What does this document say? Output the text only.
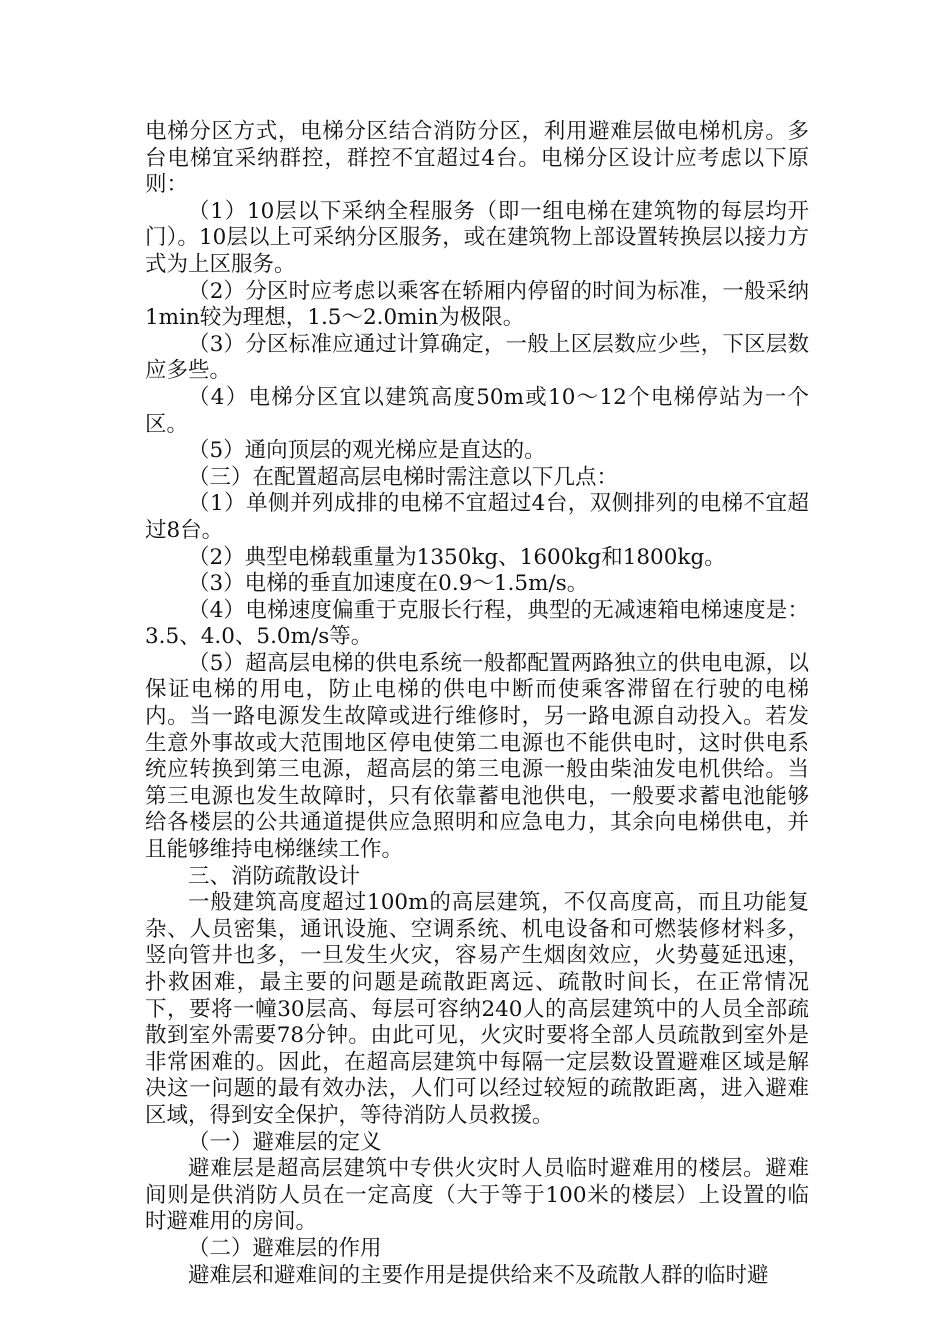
电梯分区方式，电梯分区结合消防分区，利用避难层做电梯机房。多台电梯宜采纳群控，群控不宜超过4台。电梯分区设计应考虑以下原则：

（1）10层以下采纳全程服务（即一组电梯在建筑物的每层均开门）。10层以上可采纳分区服务，或在建筑物上部设置转换层以接力方式为上区服务。

（2）分区时应考虑以乘客在轿厢内停留的时间为标准，一般采纳1min较为理想，1.5～2.0min为极限。

（3）分区标准应通过计算确定，一般上区层数应少些，下区层数应多些。

（4）电梯分区宜以建筑高度50m或10～12个电梯停站为一个区。

（5）通向顶层的观光梯应是直达的。

（三）在配置超高层电梯时需注意以下几点：

（1）单侧并列成排的电梯不宜超过4台，双侧排列的电梯不宜超过8台。

（2）典型电梯载重量为1350kg、1600kg和1800kg。

（3）电梯的垂直加速度在0.9～1.5m/s。

（4）电梯速度偏重于克服长行程，典型的无减速箱电梯速度是：3.5、4.0、5.0m/s等。

（5）超高层电梯的供电系统一般都配置两路独立的供电电源，以保证电梯的用电，防止电梯的供电中断而使乘客滞留在行驶的电梯内。当一路电源发生故障或进行维修时，另一路电源自动投入。若发生意外事故或大范围地区停电使第二电源也不能供电时，这时供电系统应转换到第三电源，超高层的第三电源一般由柴油发电机供给。当第三电源也发生故障时，只有依靠蓄电池供电，一般要求蓄电池能够给各楼层的公共通道提供应急照明和应急电力，其余向电梯供电，并且能够维持电梯继续工作。

三、消防疏散设计

一般建筑高度超过100m的高层建筑，不仅高度高，而且功能复杂、人员密集，通讯设施、空调系统、机电设备和可燃装修材料多，竖向管井也多，一旦发生火灾，容易产生烟囱效应，火势蔓延迅速，扑救困难，最主要的问题是疏散距离远、疏散时间长，在正常情况下，要将一幢30层高、每层可容纳240人的高层建筑中的人员全部疏散到室外需要78分钟。由此可见，火灾时要将全部人员疏散到室外是非常困难的。因此，在超高层建筑中每隔一定层数设置避难区域是解决这一问题的最有效办法，人们可以经过较短的疏散距离，进入避难区域，得到安全保护，等待消防人员救援。

（一）避难层的定义

避难层是超高层建筑中专供火灾时人员临时避难用的楼层。避难间则是供消防人员在一定高度（大于等于100米的楼层）上设置的临时避难用的房间。

（二）避难层的作用

避难层和避难间的主要作用是提供给来不及疏散人群的临时避
